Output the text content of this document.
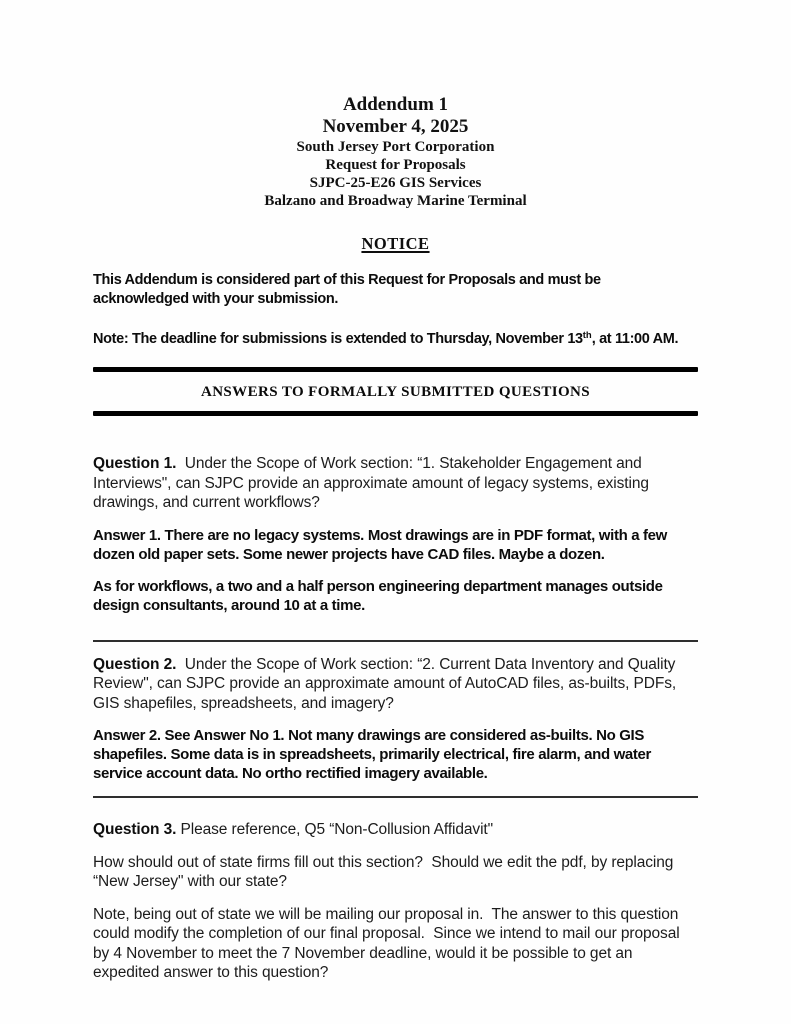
Addendum 1
November 4, 2025
South Jersey Port Corporation
Request for Proposals
SJPC-25-E26 GIS Services
Balzano and Broadway Marine Terminal
NOTICE

This Addendum is considered part of this Request for Proposals and must be acknowledged with your submission.

Note: The deadline for submissions is extended to Thursday, November 13th, at 11:00 AM.

ANSWERS TO FORMALLY SUBMITTED QUESTIONS

Question 1.  Under the Scope of Work section: “1. Stakeholder Engagement and Interviews", can SJPC provide an approximate amount of legacy systems, existing drawings, and current workflows?

Answer 1. There are no legacy systems. Most drawings are in PDF format, with a few dozen old paper sets. Some newer projects have CAD files. Maybe a dozen.

As for workflows, a two and a half person engineering department manages outside design consultants, around 10 at a time.

Question 2.  Under the Scope of Work section: “2. Current Data Inventory and Quality Review", can SJPC provide an approximate amount of AutoCAD files, as-builts, PDFs, GIS shapefiles, spreadsheets, and imagery?

Answer 2. See Answer No 1. Not many drawings are considered as-builts. No GIS shapefiles. Some data is in spreadsheets, primarily electrical, fire alarm, and water service account data. No ortho rectified imagery available.

Question 3. Please reference, Q5 “Non-Collusion Affidavit"

How should out of state firms fill out this section?  Should we edit the pdf, by replacing “New Jersey" with our state?

Note, being out of state we will be mailing our proposal in.  The answer to this question could modify the completion of our final proposal.  Since we intend to mail our proposal by 4 November to meet the 7 November deadline, would it be possible to get an expedited answer to this question?
